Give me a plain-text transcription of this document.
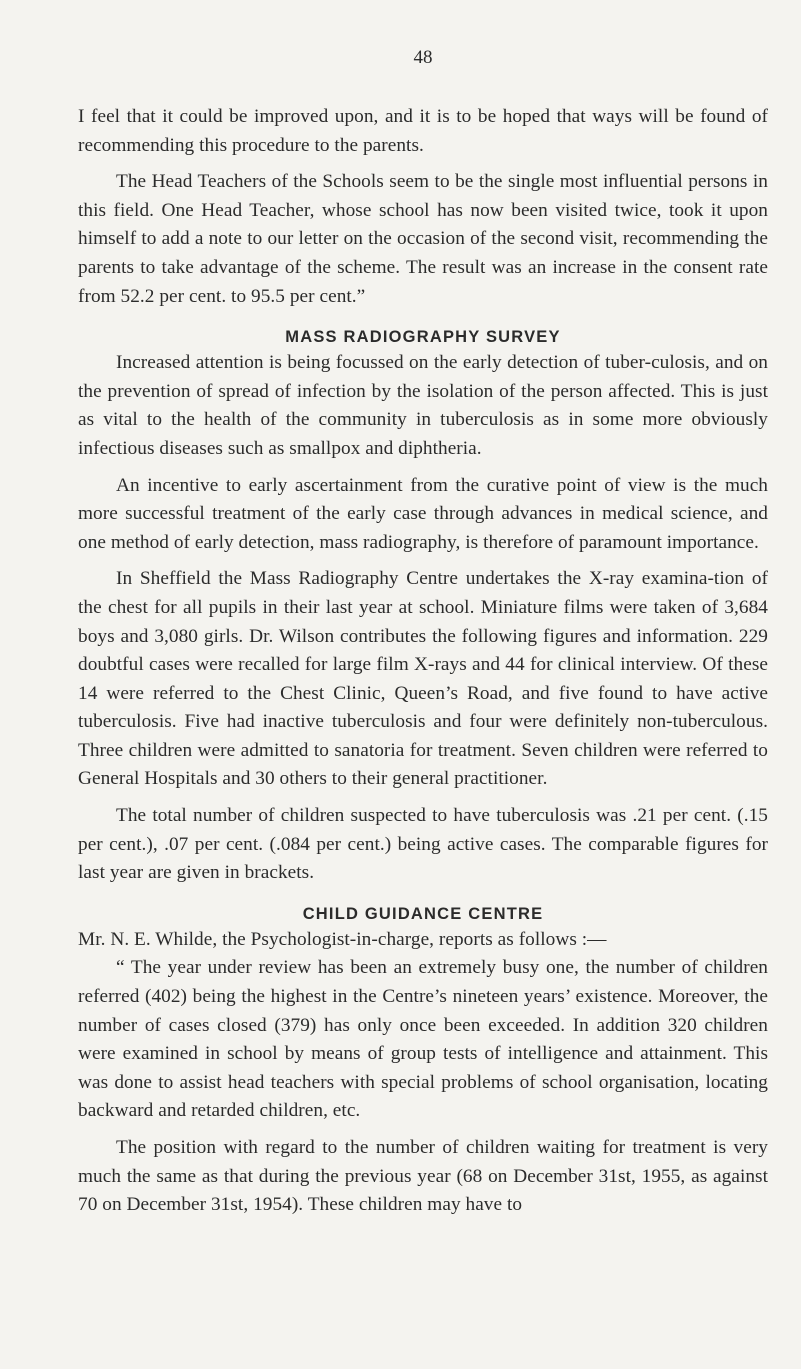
48

I feel that it could be improved upon, and it is to be hoped that ways will be found of recommending this procedure to the parents.

The Head Teachers of the Schools seem to be the single most influential persons in this field. One Head Teacher, whose school has now been visited twice, took it upon himself to add a note to our letter on the occasion of the second visit, recommending the parents to take advantage of the scheme. The result was an increase in the consent rate from 52.2 per cent. to 95.5 per cent.”

MASS RADIOGRAPHY SURVEY

Increased attention is being focussed on the early detection of tuber-culosis, and on the prevention of spread of infection by the isolation of the person affected. This is just as vital to the health of the community in tuberculosis as in some more obviously infectious diseases such as smallpox and diphtheria.

An incentive to early ascertainment from the curative point of view is the much more successful treatment of the early case through advances in medical science, and one method of early detection, mass radiography, is therefore of paramount importance.

In Sheffield the Mass Radiography Centre undertakes the X-ray examina-tion of the chest for all pupils in their last year at school. Miniature films were taken of 3,684 boys and 3,080 girls. Dr. Wilson contributes the following figures and information. 229 doubtful cases were recalled for large film X-rays and 44 for clinical interview. Of these 14 were referred to the Chest Clinic, Queen’s Road, and five found to have active tuberculosis. Five had inactive tuberculosis and four were definitely non-tuberculous. Three children were admitted to sanatoria for treatment. Seven children were referred to General Hospitals and 30 others to their general practitioner.

The total number of children suspected to have tuberculosis was .21 per cent. (.15 per cent.), .07 per cent. (.084 per cent.) being active cases. The comparable figures for last year are given in brackets.

CHILD GUIDANCE CENTRE

Mr. N. E. Whilde, the Psychologist-in-charge, reports as follows :—

“ The year under review has been an extremely busy one, the number of children referred (402) being the highest in the Centre’s nineteen years’ existence. Moreover, the number of cases closed (379) has only once been exceeded. In addition 320 children were examined in school by means of group tests of intelligence and attainment. This was done to assist head teachers with special problems of school organisation, locating backward and retarded children, etc.

The position with regard to the number of children waiting for treatment is very much the same as that during the previous year (68 on December 31st, 1955, as against 70 on December 31st, 1954). These children may have to
